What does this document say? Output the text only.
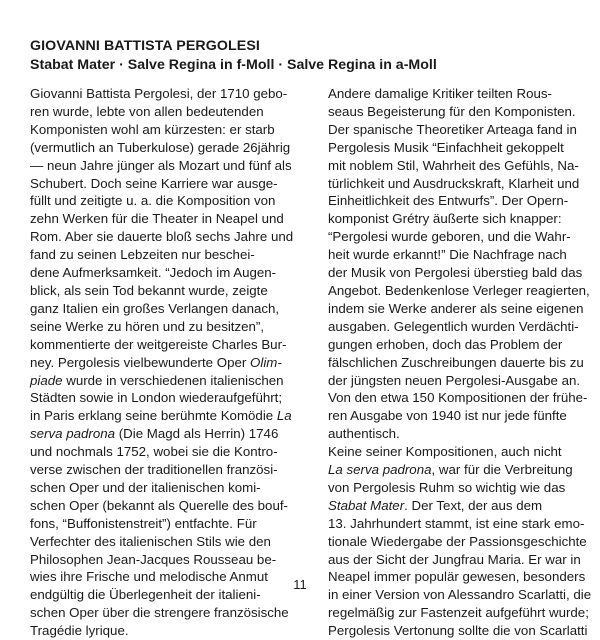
GIOVANNI BATTISTA PERGOLESI
Stabat Mater · Salve Regina in f-Moll · Salve Regina in a-Moll

Giovanni Battista Pergolesi, der 1710 gebo-
ren wurde, lebte von allen bedeutenden
Komponisten wohl am kürzesten: er starb
(vermutlich an Tuberkulose) gerade 26jährig
— neun Jahre jünger als Mozart und fünf als
Schubert. Doch seine Karriere war ausge-
füllt und zeitigte u. a. die Komposition von
zehn Werken für die Theater in Neapel und
Rom. Aber sie dauerte bloß sechs Jahre und
fand zu seinen Lebzeiten nur beschei-
dene Aufmerksamkeit. “Jedoch im Augen-
blick, als sein Tod bekannt wurde, zeigte
ganz Italien ein großes Verlangen danach,
seine Werke zu hören und zu besitzen”,
kommentierte der weitgereiste Charles Bur-
ney. Pergolesis vielbewunderte Oper Olim-
piade wurde in verschiedenen italienischen
Städten sowie in London wiederaufgeführt;
in Paris erklang seine berühmte Komödie La
serva padrona (Die Magd als Herrin) 1746
und nochmals 1752, wobei sie die Kontro-
verse zwischen der traditionellen französi-
schen Oper und der italienischen komi-
schen Oper (bekannt als Querelle des bouf-
fons, “Buffonistenstreit”) entfachte. Für
Verfechter des italienischen Stils wie den
Philosophen Jean-Jacques Rousseau be-
wies ihre Frische und melodische Anmut
endgültig die Überlegenheit der italieni-
schen Oper über die strengere französische
Tragédie lyrique.

Andere damalige Kritiker teilten Rous-
seaus Begeisterung für den Komponisten.
Der spanische Theoretiker Arteaga fand in
Pergolesis Musik “Einfachheit gekoppelt
mit noblem Stil, Wahrheit des Gefühls, Na-
türlichkeit und Ausdruckskraft, Klarheit und
Einheitlichkeit des Entwurfs”. Der Opern-
komponist Grétry äußerte sich knapper:
“Pergolesi wurde geboren, und die Wahr-
heit wurde erkannt!” Die Nachfrage nach
der Musik von Pergolesi überstieg bald das
Angebot. Bedenkenlose Verleger reagierten,
indem sie Werke anderer als seine eigenen
ausgaben. Gelegentlich wurden Verdächti-
gungen erhoben, doch das Problem der
fälschlichen Zuschreibungen dauerte bis zu
der jüngsten neuen Pergolesi-Ausgabe an.
Von den etwa 150 Kompositionen der frühe-
ren Ausgabe von 1940 ist nur jede fünfte
authentisch.

Keine seiner Kompositionen, auch nicht
La serva padrona, war für die Verbreitung
von Pergolesis Ruhm so wichtig wie das
Stabat Mater. Der Text, der aus dem
13. Jahrhundert stammt, ist eine stark emo-
tionale Wiedergabe der Passionsgeschichte
aus der Sicht der Jungfrau Maria. Er war in
Neapel immer populär gewesen, besonders
in einer Version von Alessandro Scarlatti, die
regelmäßig zur Fastenzeit aufgeführt wurde;
Pergolesis Vertonung sollte die von Scarlatti

11
